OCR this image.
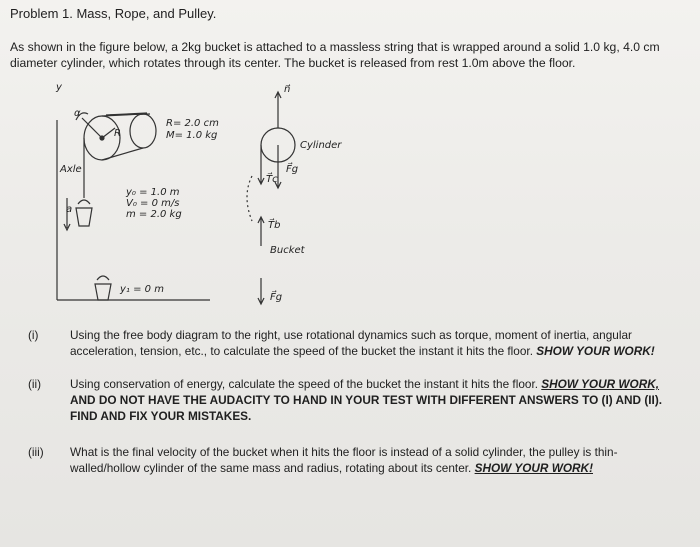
Problem 1. Mass, Rope, and Pulley.
As shown in the figure below, a 2kg bucket is attached to a massless string that is wrapped around a solid 1.0 kg, 4.0 cm diameter cylinder, which rotates through its center. The bucket is released from rest 1.0m above the floor.
y
α
R
R= 2.0 cm
M= 1.0 kg
Axle
a
y₀ = 1.0 m
V₀ = 0 m/s
m = 2.0 kg
y₁ = 0 m
Cylinder
n⃗
F⃗g
T⃗c
T⃗b
Bucket
F⃗g
(i)	Using the free body diagram to the right, use rotational dynamics such as torque, moment of inertia, angular acceleration, tension, etc., to calculate the speed of the bucket the instant it hits the floor. SHOW YOUR WORK!
(ii) Using conservation of energy, calculate the speed of the bucket the instant it hits the floor. SHOW YOUR WORK, AND DO NOT HAVE THE AUDACITY TO HAND IN YOUR TEST WITH DIFFERENT ANSWERS TO (I) AND (II). FIND AND FIX YOUR MISTAKES.
(iii) What is the final velocity of the bucket when it hits the floor is instead of a solid cylinder, the pulley is thin-walled/hollow cylinder of the same mass and radius, rotating about its center. SHOW YOUR WORK!
